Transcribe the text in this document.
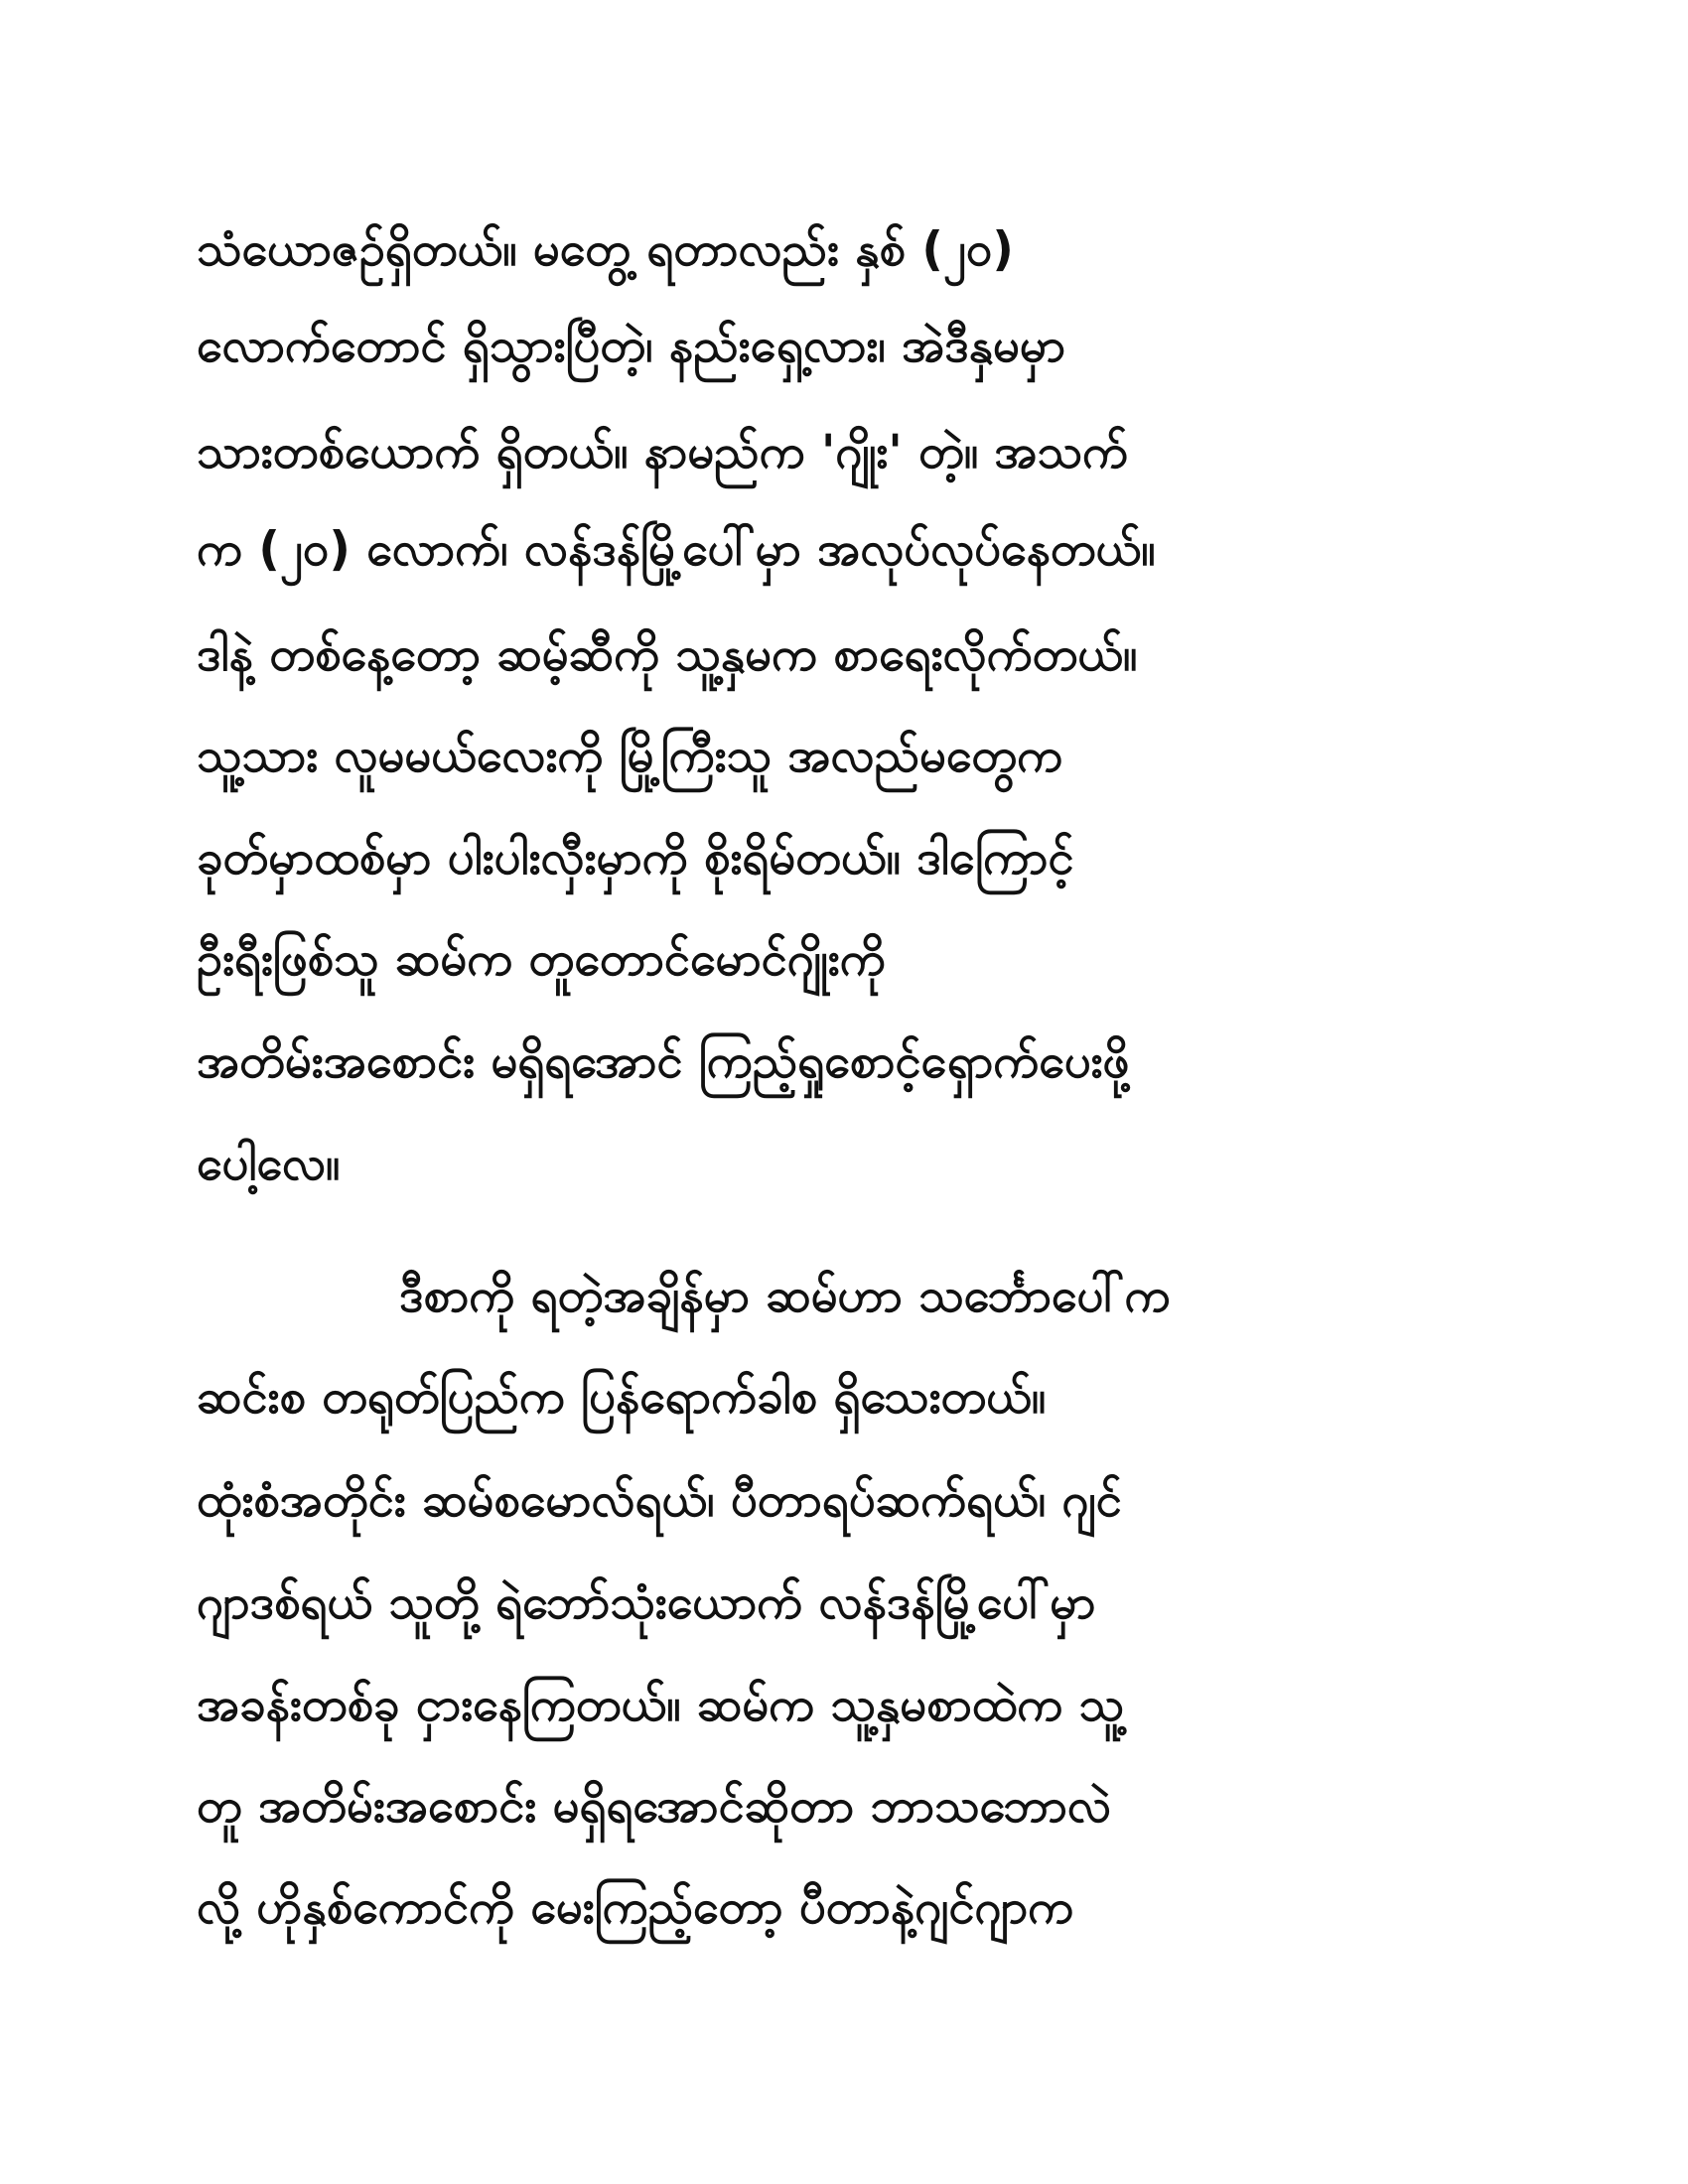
သံယောဇဉ်ရှိတယ်။ မတွေ့ ရတာလည်း နှစ် (၂၀)
လောက်တောင် ရှိသွားပြီတဲ့၊ နည်းရှေ့လား၊ အဲဒီနှမမှာ
သားတစ်ယောက် ရှိတယ်။ နာမည်က 'ဂျိုး' တဲ့။ အသက်
က (၂၀) လောက်၊ လန်ဒန်မြို့ပေါ်မှာ အလုပ်လုပ်နေတယ်။
ဒါနဲ့ တစ်နေ့တော့ ဆမ့်ဆီကို သူ့နှမက စာရေးလိုက်တယ်။
သူ့သား လူမမယ်လေးကို မြို့ကြီးသူ အလည်မတွေက
ခုတ်မှာထစ်မှာ ပါးပါးလှီးမှာကို စိုးရိမ်တယ်။ ဒါကြောင့်
ဦးရီးဖြစ်သူ ဆမ်က တူတောင်မောင်ဂျိုးကို
အတိမ်းအစောင်း မရှိရအောင် ကြည့်ရှုစောင့်ရှောက်ပေးဖို့
ပေါ့လေ။
ဒီစာကို ရတဲ့အချိန်မှာ ဆမ်ဟာ သင်္ဘောပေါ်က
ဆင်းစ တရုတ်ပြည်က ပြန်ရောက်ခါစ ရှိသေးတယ်။
ထုံးစံအတိုင်း ဆမ်စမောလ်ရယ်၊ ပီတာရပ်ဆက်ရယ်၊ ဂျင်
ဂျာဒစ်ရယ် သူတို့ ရဲဘော်သုံးယောက် လန်ဒန်မြို့ပေါ်မှာ
အခန်းတစ်ခု ငှားနေကြတယ်။ ဆမ်က သူ့နှမစာထဲက သူ့
တူ အတိမ်းအစောင်း မရှိရအောင်ဆိုတာ ဘာသဘောလဲ
လို့ ဟိုနှစ်ကောင်ကို မေးကြည့်တော့ ပီတာနဲ့ဂျင်ဂျာက
